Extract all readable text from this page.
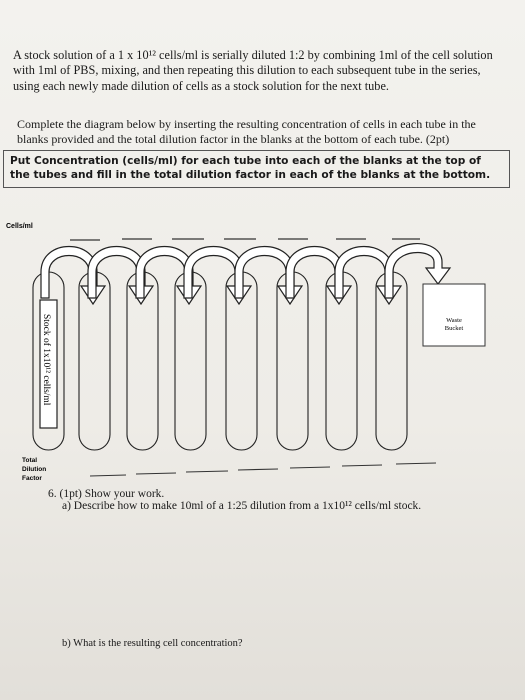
A stock solution of a 1 x 10¹² cells/ml is serially diluted 1:2 by combining 1ml of the cell solution with 1ml of PBS, mixing, and then repeating this dilution to each subsequent tube in the series, using each newly made dilution of cells as a stock solution for the next tube.

Complete the diagram below by inserting the resulting concentration of cells in each tube in the blanks provided and the total dilution factor in the blanks at the bottom of each tube. (2pt)

Put Concentration (cells/ml) for each tube into each of the blanks at the top of the tubes and fill in the total dilution factor in each of the blanks at the bottom.
Cells/ml
Stock of 1x10¹² cells/ml	Waste
Bucket
Total
Dilution
Factor

6. (1pt) Show your work.

a) Describe how to make 10ml of a 1:25 dilution from a 1x10¹² cells/ml stock.

b) What is the resulting cell concentration?
